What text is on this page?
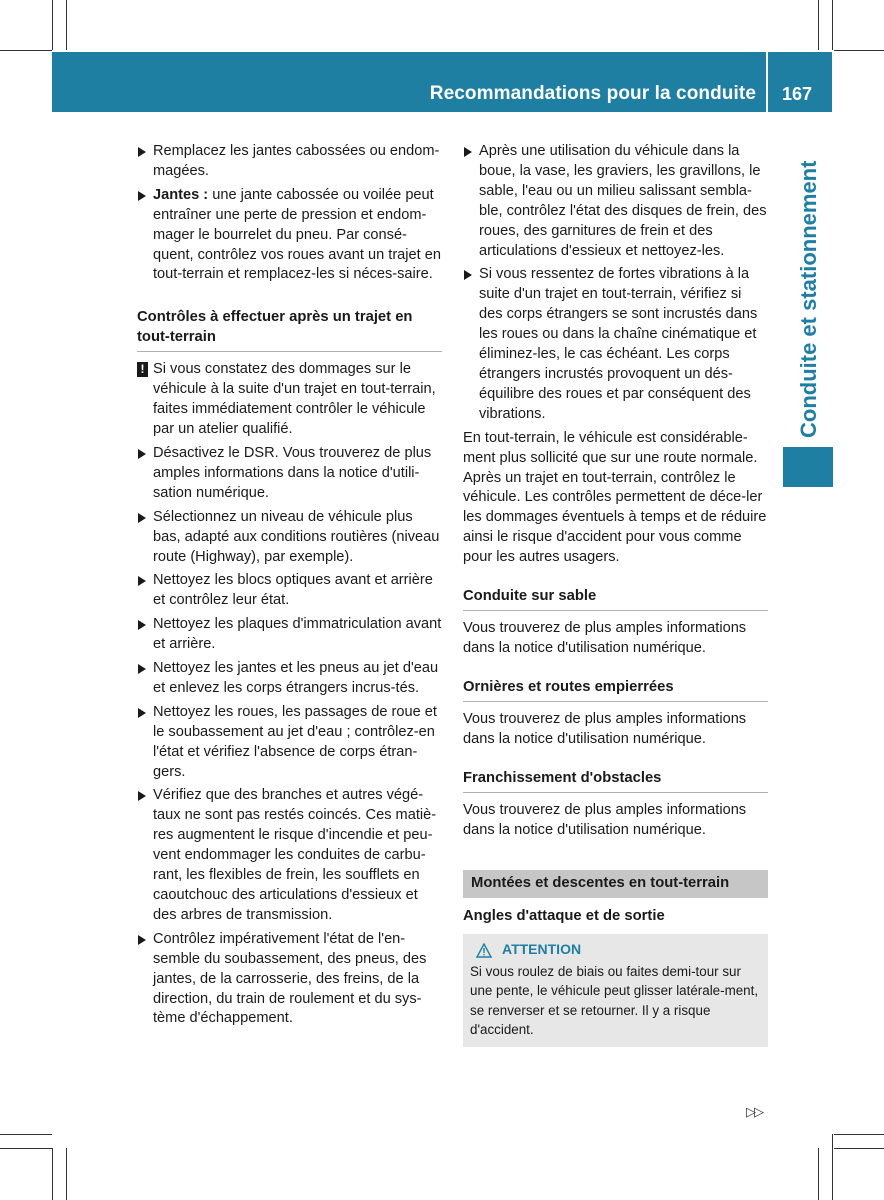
Recommandations pour la conduite 167
Conduite et stationnement

Remplacez les jantes cabossées ou endom- magées.

Jantes : une jante cabossée ou voilée peut entraîner une perte de pression et endom-mager le bourrelet du pneu. Par consé-quent, contrôlez vos roues avant un trajet en tout-terrain et remplacez-les si néces-saire.

Contrôles à effectuer après un trajet en tout-terrain

! Si vous constatez des dommages sur le véhicule à la suite d'un trajet en tout-terrain, faites immédiatement contrôler le véhicule par un atelier qualifié.

Désactivez le DSR. Vous trouverez de plus amples informations dans la notice d'utili-sation numérique.

Sélectionnez un niveau de véhicule plus bas, adapté aux conditions routières (niveau route (Highway), par exemple).

Nettoyez les blocs optiques avant et arrière et contrôlez leur état.

Nettoyez les plaques d'immatriculation avant et arrière.

Nettoyez les jantes et les pneus au jet d'eau et enlevez les corps étrangers incrus-tés.

Nettoyez les roues, les passages de roue et le soubassement au jet d'eau ; contrôlez-en l'état et vérifiez l'absence de corps étran-gers.

Vérifiez que des branches et autres végé-taux ne sont pas restés coincés. Ces matiè-res augmentent le risque d'incendie et peu-vent endommager les conduites de carbu-rant, les flexibles de frein, les soufflets en caoutchouc des articulations d'essieux et des arbres de transmission.

Contrôlez impérativement l'état de l'en-semble du soubassement, des pneus, des jantes, de la carrosserie, des freins, de la direction, du train de roulement et du sys-tème d'échappement.

Après une utilisation du véhicule dans la boue, la vase, les graviers, les gravillons, le sable, l'eau ou un milieu salissant sembla-ble, contrôlez l'état des disques de frein, des roues, des garnitures de frein et des articulations d'essieux et nettoyez-les.

Si vous ressentez de fortes vibrations à la suite d'un trajet en tout-terrain, vérifiez si des corps étrangers se sont incrustés dans les roues ou dans la chaîne cinématique et éliminez-les, le cas échéant. Les corps étrangers incrustés provoquent un dés-équilibre des roues et par conséquent des vibrations.

En tout-terrain, le véhicule est considérable-ment plus sollicité que sur une route normale. Après un trajet en tout-terrain, contrôlez le véhicule. Les contrôles permettent de déce-ler les dommages éventuels à temps et de réduire ainsi le risque d'accident pour vous comme pour les autres usagers.

Conduite sur sable

Vous trouverez de plus amples informations dans la notice d'utilisation numérique.

Ornières et routes empierrées

Vous trouverez de plus amples informations dans la notice d'utilisation numérique.

Franchissement d'obstacles

Vous trouverez de plus amples informations dans la notice d'utilisation numérique.

Montées et descentes en tout-terrain

Angles d'attaque et de sortie

ATTENTION

Si vous roulez de biais ou faites demi-tour sur une pente, le véhicule peut glisser latérale-ment, se renverser et se retourner. Il y a risque d'accident.

▷▷
